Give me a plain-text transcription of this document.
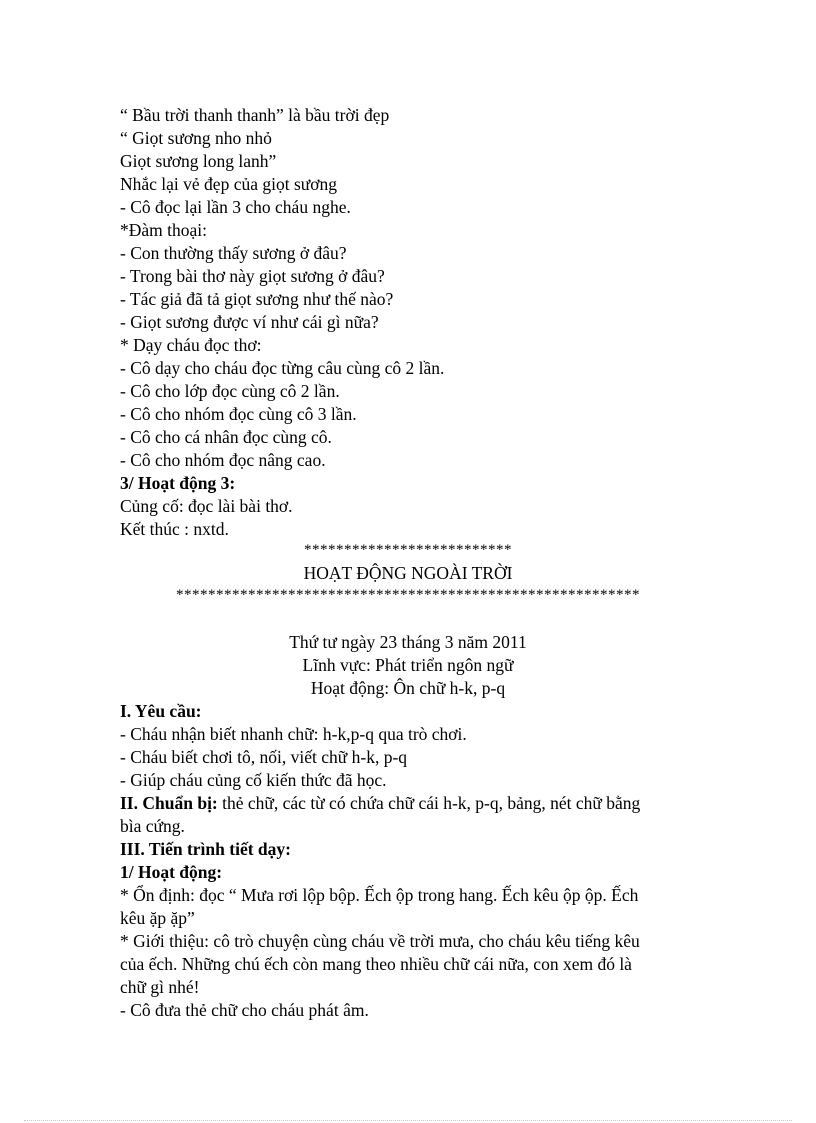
“ Bầu trời thanh thanh” là bầu trời đẹp
“ Giọt sương nho nhỏ
Giọt sương long lanh”
Nhắc lại vẻ đẹp của giọt sương
- Cô đọc lại lần 3 cho cháu nghe.
*Đàm thoại:
- Con thường thấy sương ở đâu?
- Trong bài thơ này giọt sương ở đâu?
- Tác giả đã tả giọt sương như thế nào?
- Giọt sương được ví như cái gì nữa?
* Dạy cháu đọc thơ:
- Cô dạy cho cháu đọc từng câu cùng cô 2 lần.
- Cô cho lớp đọc cùng cô 2 lần.
- Cô cho nhóm đọc cùng cô 3 lần.
- Cô cho cá nhân đọc cùng cô.
- Cô cho nhóm đọc nâng cao.
3/ Hoạt động 3:
Củng cố: đọc lài bài thơ.
Kết thúc : nxtd.
**************************
HOẠT ĐỘNG NGOÀI TRỜI
**********************************************************
Thứ tư ngày 23 tháng 3 năm 2011
Lĩnh vực: Phát triển ngôn ngữ
Hoạt động: Ôn chữ h-k, p-q
I. Yêu cầu:
- Cháu nhận biết nhanh chữ: h-k,p-q qua trò chơi.
- Cháu biết chơi tô, nối, viết chữ h-k, p-q
- Giúp cháu củng cố kiến thức đã học.
II. Chuẩn bị: thẻ chữ, các từ có chứa chữ cái h-k, p-q, bảng, nét chữ bằng
bìa cứng.
III. Tiến trình tiết dạy:
1/ Hoạt động:
* Ổn định: đọc “ Mưa rơi lộp bộp. Ếch ộp trong hang. Ếch kêu ộp ộp. Ếch
kêu ặp ặp”
* Giới thiệu: cô trò chuyện cùng cháu về trời mưa, cho cháu kêu tiếng kêu
của ếch. Những chú ếch còn mang theo nhiều chữ cái nữa, con xem đó là
chữ gì nhé!
- Cô đưa thẻ chữ cho cháu phát âm.
